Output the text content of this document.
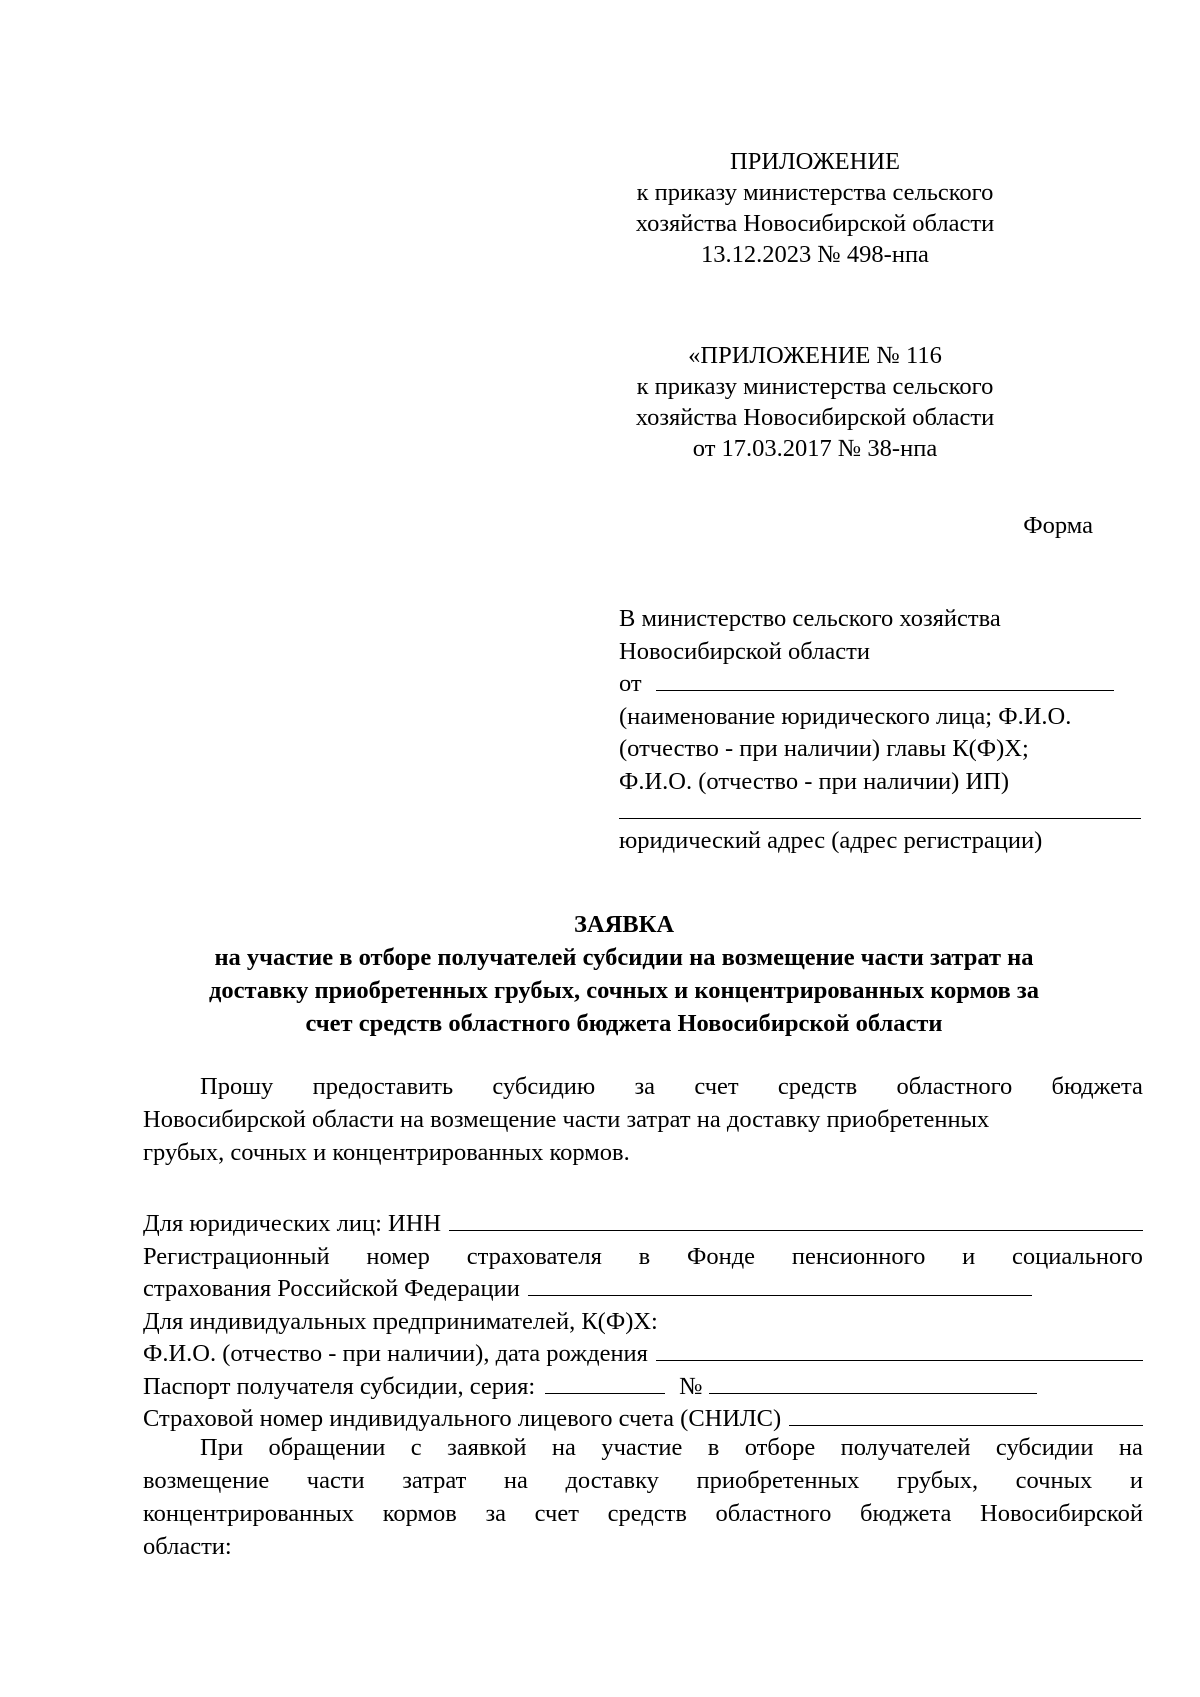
ПРИЛОЖЕНИЕ
к приказу министерства сельского
хозяйства Новосибирской области
13.12.2023 № 498-нпа
«ПРИЛОЖЕНИЕ № 116
к приказу министерства сельского
хозяйства Новосибирской области
от 17.03.2017 № 38-нпа
Форма
В министерство сельского хозяйства
Новосибирской области
от
(наименование юридического лица; Ф.И.О.
(отчество - при наличии) главы К(Ф)Х;
Ф.И.О. (отчество - при наличии) ИП)
юридический адрес (адрес регистрации)
ЗАЯВКА
на участие в отборе получателей субсидии на возмещение части затрат на
доставку приобретенных грубых, сочных и концентрированных кормов за
счет средств областного бюджета Новосибирской области
Прошу предоставить субсидию за счет средств областного бюджета
Новосибирской области на возмещение части затрат на доставку приобретенных
грубых, сочных и концентрированных кормов.
Для юридических лиц: ИНН
Регистрационный номер страхователя в Фонде пенсионного и социального
страхования Российской Федерации
Для индивидуальных предпринимателей, К(Ф)Х:
Ф.И.О. (отчество - при наличии), дата рождения
Паспорт получателя субсидии, серия:	№
Страховой номер индивидуального лицевого счета (СНИЛС)
При обращении с заявкой на участие в отборе получателей субсидии на
возмещение части затрат на доставку приобретенных грубых, сочных и
концентрированных кормов за счет средств областного бюджета Новосибирской
области:
